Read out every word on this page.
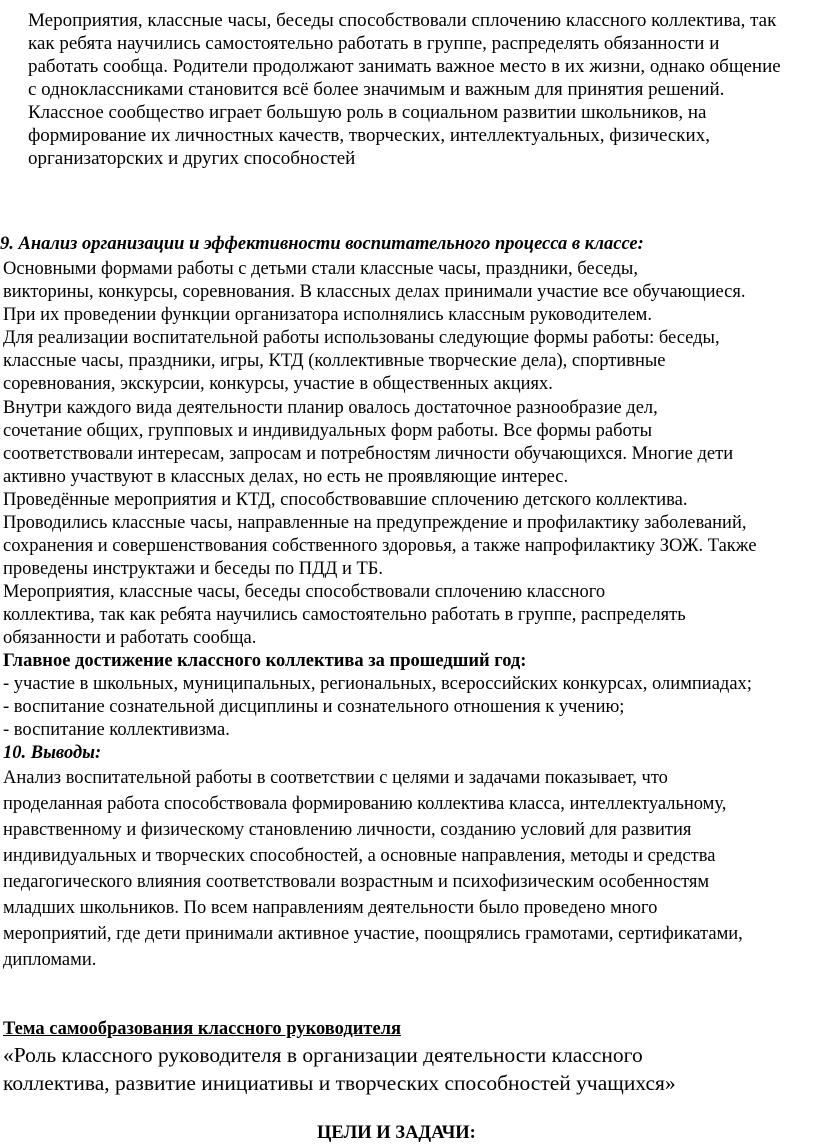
Мероприятия, классные часы, беседы способствовали сплочению классного коллектива, так
как ребята научились самостоятельно работать в группе, распределять обязанности и
работать сообща. Родители продолжают занимать важное место в их жизни, однако общение
с одноклассниками становится всё более значимым и важным для принятия решений.
Классное сообщество играет большую роль в социальном развитии школьников, на
формирование их личностных качеств, творческих, интеллектуальных, физических,
организаторских и других способностей
9. Анализ организации и эффективности воспитательного процесса в классе:
Основными формами работы с детьми стали классные часы, праздники, беседы,
викторины, конкурсы, соревнования. В классных делах принимали участие все обучающиеся.
При их проведении функции организатора исполнялись классным руководителем.
Для реализации воспитательной работы использованы следующие формы работы: беседы,
классные часы, праздники, игры, КТД (коллективные творческие дела), спортивные
соревнования, экскурсии, конкурсы, участие в общественных акциях.
Внутри каждого вида деятельности планир овалось достаточное разнообразие дел,
сочетание общих, групповых и индивидуальных форм работы. Все формы работы
соответствовали интересам, запросам и потребностям личности обучающихся. Многие дети
активно участвуют в классных делах, но есть не проявляющие интерес.
Проведённые мероприятия и КТД, способствовавшие сплочению детского коллектива.
Проводились классные часы, направленные на предупреждение и профилактику заболеваний,
сохранения и совершенствования собственного здоровья, а также напрофилактику ЗОЖ. Также
проведены инструктажи и беседы по ПДД и ТБ.
Мероприятия, классные часы, беседы способствовали сплочению классного
коллектива, так как ребята научились самостоятельно работать в группе, распределять
обязанности и работать сообща.
Главное достижение классного коллектива за прошедший год:
- участие в школьных, муниципальных, региональных, всероссийских конкурсах, олимпиадах;
- воспитание сознательной дисциплины и сознательного отношения к учению;
- воспитание коллективизма.
10. Выводы:
Анализ воспитательной работы в соответствии с целями и задачами показывает, что
проделанная работа способствовала формированию коллектива класса, интеллектуальному,
нравственному и физическому становлению личности, созданию условий для развития
индивидуальных и творческих способностей, а основные направления, методы и средства
педагогического влияния соответствовали возрастным и психофизическим особенностям
младших школьников. По всем направлениям деятельности было проведено много
мероприятий, где дети принимали активное участие, поощрялись грамотами, сертификатами,
дипломами.
Тема самообразования классного руководителя
«Роль классного руководителя в организации деятельности классного
коллектива, развитие инициативы и творческих способностей учащихся»
ЦЕЛИ И ЗАДАЧИ:
